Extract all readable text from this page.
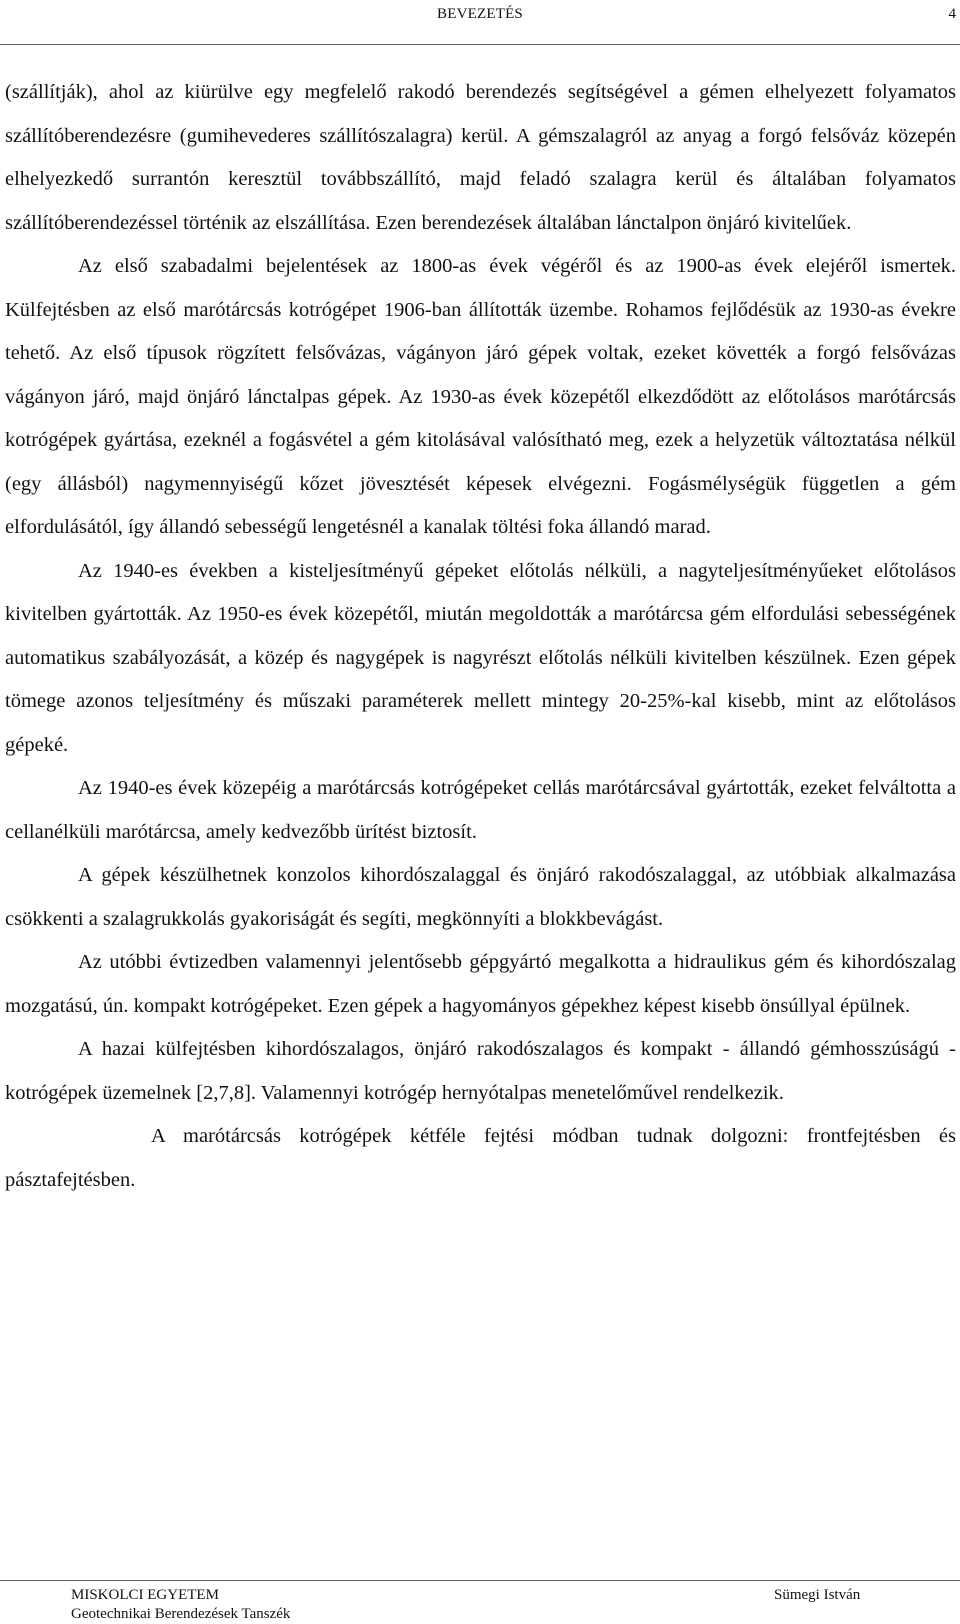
BEVEZETÉS	4

(szállítják), ahol az kiürülve egy megfelelő rakodó berendezés segítségével a gémen elhelyezett folyamatos szállítóberendezésre (gumihevederes szállítószalagra) kerül. A gémszalagról az anyag a forgó felsőváz közepén elhelyezkedő surrantón keresztül továbbszállító, majd feladó szalagra kerül és általában folyamatos szállítóberendezéssel történik az elszállítása. Ezen berendezések általában lánctalpon önjáró kivitelűek.

Az első szabadalmi bejelentések az 1800-as évek végéről és az 1900-as évek elejéről ismertek. Külfejtésben az első marótárcsás kotrógépet 1906-ban állították üzembe. Rohamos fejlődésük az 1930-as évekre tehető. Az első típusok rögzített felsővázas, vágányon járó gépek voltak, ezeket követték a forgó felsővázas vágányon járó, majd önjáró lánctalpas gépek. Az 1930-as évek közepétől elkezdődött az előtolásos marótárcsás kotrógépek gyártása, ezeknél a fogásvétel a gém kitolásával valósítható meg, ezek a helyzetük változtatása nélkül (egy állásból) nagymennyiségű kőzet jövesztését képesek elvégezni. Fogásmélységük független a gém elfordulásától, így állandó sebességű lengetésnél a kanalak töltési foka állandó marad.

Az 1940-es években a kisteljesítményű gépeket előtolás nélküli, a nagyteljesítményűeket előtolásos kivitelben gyártották. Az 1950-es évek közepétől, miután megoldották a marótárcsa gém elfordulási sebességének automatikus szabályozását, a közép és nagygépek is nagyrészt előtolás nélküli kivitelben készülnek. Ezen gépek tömege azonos teljesítmény és műszaki paraméterek mellett mintegy 20-25%-kal kisebb, mint az előtolásos gépeké.

Az 1940-es évek közepéig a marótárcsás kotrógépeket cellás marótárcsával gyártották, ezeket felváltotta a cellanélküli marótárcsa, amely kedvezőbb ürítést biztosít.

A gépek készülhetnek konzolos kihordószalaggal és önjáró rakodószalaggal, az utóbbiak alkalmazása csökkenti a szalagrukkolás gyakoriságát és segíti, megkönnyíti a blokkbevágást.

Az utóbbi évtizedben valamennyi jelentősebb gépgyártó megalkotta a hidraulikus gém és kihordószalag mozgatású, ún. kompakt kotrógépeket. Ezen gépek a hagyományos gépekhez képest kisebb önsúllyal épülnek.

A hazai külfejtésben kihordószalagos, önjáró rakodószalagos és kompakt - állandó gémhosszúságú - kotrógépek üzemelnek [2,7,8]. Valamennyi kotrógép hernyótalpas menetelőművel rendelkezik.

A marótárcsás kotrógépek kétféle fejtési módban tudnak dolgozni: frontfejtésben és pásztafejtésben.

MISKOLCI EGYETEM
Geotechnikai Berendezések Tanszék
Sümegi István
